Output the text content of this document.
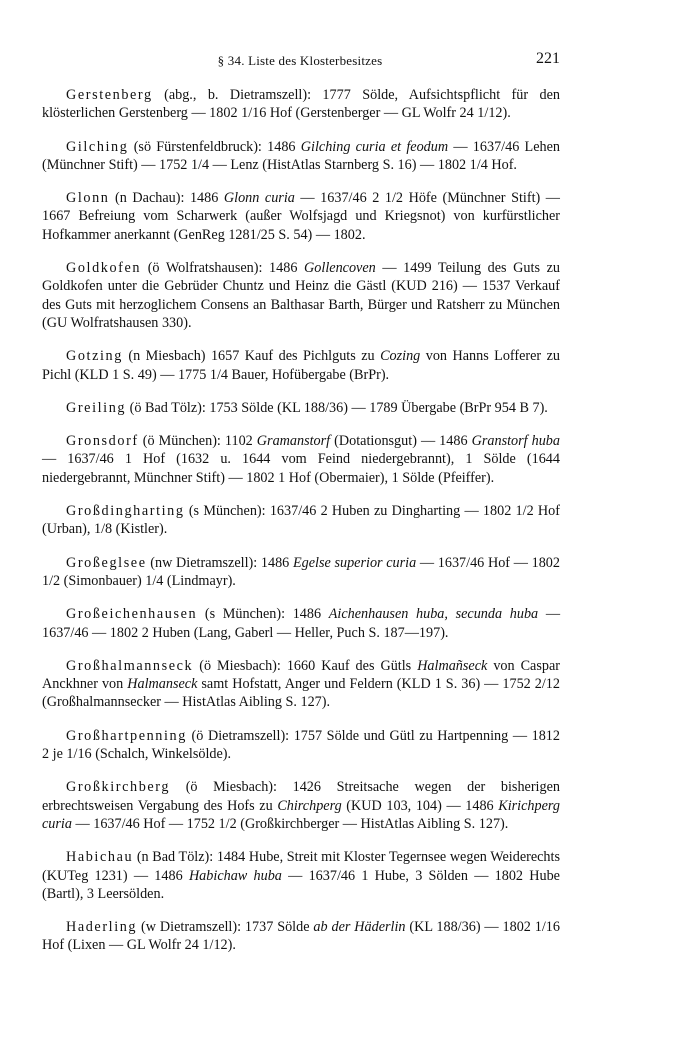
§ 34. Liste des Klosterbesitzes	221

Gerstenberg (abg., b. Dietramszell): 1777 Sölde, Aufsichtspflicht für den klösterlichen Gerstenberg — 1802 1/16 Hof (Gerstenberger — GL Wolfr 24 1/12).

Gilching (sö Fürstenfeldbruck): 1486 Gilching curia et feodum — 1637/46 Lehen (Münchner Stift) — 1752 1/4 — Lenz (HistAtlas Starnberg S. 16) — 1802 1/4 Hof.

Glonn (n Dachau): 1486 Glonn curia — 1637/46 2 1/2 Höfe (Münchner Stift) — 1667 Befreiung vom Scharwerk (außer Wolfsjagd und Kriegsnot) von kurfürstlicher Hofkammer anerkannt (GenReg 1281/25 S. 54) — 1802.

Goldkofen (ö Wolfratshausen): 1486 Gollencoven — 1499 Teilung des Guts zu Goldkofen unter die Gebrüder Chuntz und Heinz die Gästl (KUD 216) — 1537 Verkauf des Guts mit herzoglichem Consens an Balthasar Barth, Bürger und Ratsherr zu München (GU Wolfratshausen 330).

Gotzing (n Miesbach) 1657 Kauf des Pichlguts zu Cozing von Hanns Lofferer zu Pichl (KLD 1 S. 49) — 1775 1/4 Bauer, Hofübergabe (BrPr).

Greiling (ö Bad Tölz): 1753 Sölde (KL 188/36) — 1789 Übergabe (BrPr 954 B 7).

Gronsdorf (ö München): 1102 Gramanstorf (Dotationsgut) — 1486 Granstorf huba — 1637/46 1 Hof (1632 u. 1644 vom Feind niedergebrannt), 1 Sölde (1644 niedergebrannt, Münchner Stift) — 1802 1 Hof (Obermaier), 1 Sölde (Pfeiffer).

Großdingharting (s München): 1637/46 2 Huben zu Dingharting — 1802 1/2 Hof (Urban), 1/8 (Kistler).

Großeglsee (nw Dietramszell): 1486 Egelse superior curia — 1637/46 Hof — 1802 1/2 (Simonbauer) 1/4 (Lindmayr).

Großeichenhausen (s München): 1486 Aichenhausen huba, secunda huba — 1637/46 — 1802 2 Huben (Lang, Gaberl — Heller, Puch S. 187—197).

Großhalmannseck (ö Miesbach): 1660 Kauf des Gütls Halmañseck von Caspar Anckhner von Halmanseck samt Hofstatt, Anger und Feldern (KLD 1 S. 36) — 1752 2/12 (Großhalmannsecker — HistAtlas Aibling S. 127).

Großhartpenning (ö Dietramszell): 1757 Sölde und Gütl zu Hartpenning — 1812 2 je 1/16 (Schalch, Winkelsölde).

Großkirchberg (ö Miesbach): 1426 Streitsache wegen der bisherigen erbrechtsweisen Vergabung des Hofs zu Chirchperg (KUD 103, 104) — 1486 Kirichperg curia — 1637/46 Hof — 1752 1/2 (Großkirchberger — HistAtlas Aibling S. 127).

Habichau (n Bad Tölz): 1484 Hube, Streit mit Kloster Tegernsee wegen Weiderechts (KUTeg 1231) — 1486 Habichaw huba — 1637/46 1 Hube, 3 Sölden — 1802 Hube (Bartl), 3 Leersölden.

Haderling (w Dietramszell): 1737 Sölde ab der Häderlin (KL 188/36) — 1802 1/16 Hof (Lixen — GL Wolfr 24 1/12).
